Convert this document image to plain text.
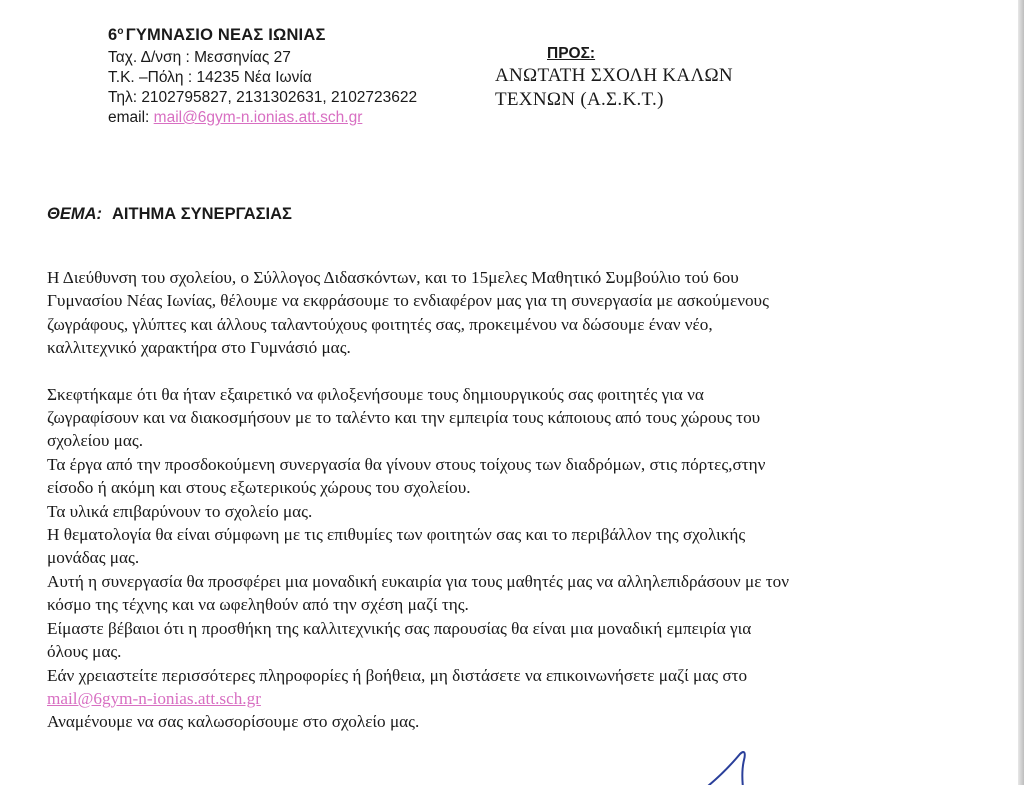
$6^o$ ΓΥΜΝΑΣΙΟ ΝΕΑΣ ΙΩΝΙΑΣ
Ταχ. Δ/νση : Μεσσηνίας 27
Τ.Κ. –Πόλη : 14235 Νέα Ιωνία
Τηλ: 2102795827, 2131302631, 2102723622
email: mail@6gym-n.ionias.att.sch.gr
ΠΡΟΣ:
ΑΝΩΤΑΤΗ ΣΧΟΛΗ ΚΑΛΩΝ
ΤΕΧΝΩΝ (Α.Σ.Κ.Τ.)
ΘΕΜΑ: ΑΙΤΗΜΑ ΣΥΝΕΡΓΑΣΙΑΣ

Η Διεύθυνση του σχολείου, ο Σύλλογος Διδασκόντων, και το 15μελες Μαθητικό Συμβούλιο τού 6ου

Γυμνασίου Νέας Ιωνίας, θέλουμε να εκφράσουμε το ενδιαφέρον μας για τη συνεργασία με ασκούμενους

ζωγράφους, γλύπτες και άλλους ταλαντούχους φοιτητές σας, προκειμένου να δώσουμε έναν νέο,

καλλιτεχνικό χαρακτήρα στο Γυμνάσιό μας.

Σκεφτήκαμε ότι θα ήταν εξαιρετικό να φιλοξενήσουμε τους δημιουργικούς σας φοιτητές για να

ζωγραφίσουν και να διακοσμήσουν με το ταλέντο και την εμπειρία τους κάποιους από τους χώρους του

σχολείου μας.

Τα έργα από την προσδοκούμενη συνεργασία θα γίνουν στους τοίχους των διαδρόμων, στις πόρτες,στην

είσοδο ή ακόμη και στους εξωτερικούς χώρους του σχολείου.

Τα υλικά επιβαρύνουν το σχολείο μας.

Η θεματολογία θα είναι σύμφωνη με τις επιθυμίες των φοιτητών σας και το περιβάλλον της σχολικής

μονάδας μας.

Αυτή η συνεργασία θα προσφέρει μια μοναδική ευκαιρία για τους μαθητές μας να αλληλεπιδράσουν με τον

κόσμο της τέχνης και να ωφεληθούν από την σχέση μαζί της.

Είμαστε βέβαιοι ότι η προσθήκη της καλλιτεχνικής σας παρουσίας θα είναι μια μοναδική εμπειρία για

όλους μας.

Εάν χρειαστείτε περισσότερες πληροφορίες ή βοήθεια, μη διστάσετε να επικοινωνήσετε μαζί μας στο

mail@6gym-n-ionias.att.sch.gr

Αναμένουμε να σας καλωσορίσουμε στο σχολείο μας.
